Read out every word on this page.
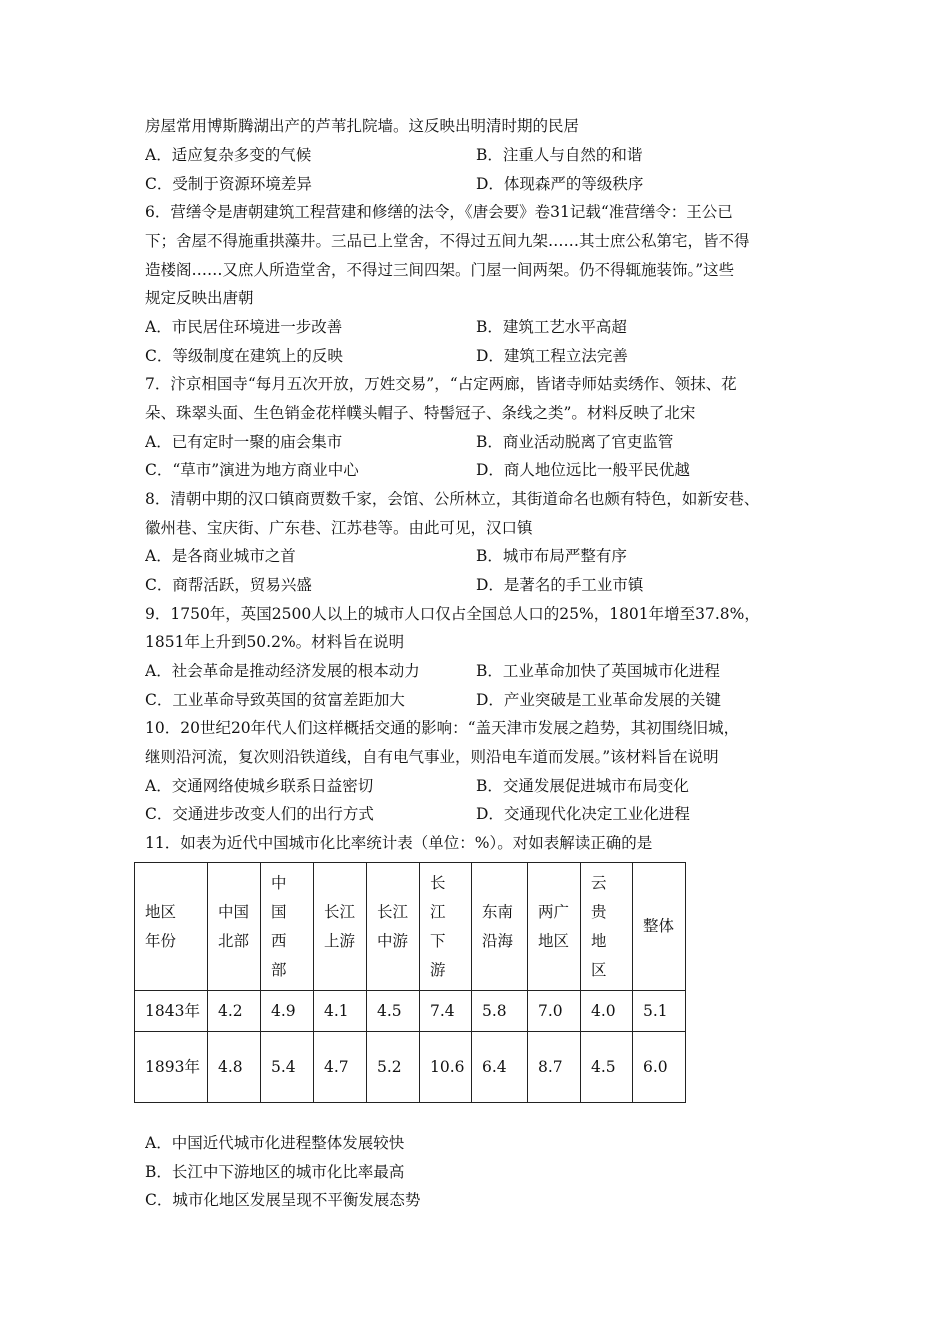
房屋常用博斯腾湖出产的芦苇扎院墙。这反映出明清时期的民居
A．适应复杂多变的气候	B．注重人与自然的和谐
C．受制于资源环境差异	D．体现森严的等级秩序
6．营缮令是唐朝建筑工程营建和修缮的法令，《唐会要》卷31记载“准营缮令：王公已
下；舍屋不得施重拱藻井。三品已上堂舍，不得过五间九架……其士庶公私第宅，皆不得
造楼阁……又庶人所造堂舍，不得过三间四架。门屋一间两架。仍不得辄施装饰。”这些
规定反映出唐朝
A．市民居住环境进一步改善	B．建筑工艺水平高超
C．等级制度在建筑上的反映	D．建筑工程立法完善
7．汴京相国寺“每月五次开放，万姓交易”，“占定两廊，皆诸寺师姑卖绣作、领抹、花
朵、珠翠头面、生色销金花样幞头帽子、特髻冠子、条线之类”。材料反映了北宋
A．已有定时一聚的庙会集市	B．商业活动脱离了官吏监管
C．“草市”演进为地方商业中心	D．商人地位远比一般平民优越
8．清朝中期的汉口镇商贾数千家，会馆、公所林立，其街道命名也颇有特色，如新安巷、
徽州巷、宝庆街、广东巷、江苏巷等。由此可见，汉口镇
A．是各商业城市之首	B．城市布局严整有序
C．商帮活跃，贸易兴盛	D．是著名的手工业市镇
9．1750年，英国2500人以上的城市人口仅占全国总人口的25%，1801年增至37.8%，
1851年上升到50.2%。材料旨在说明
A．社会革命是推动经济发展的根本动力	B．工业革命加快了英国城市化进程
C．工业革命导致英国的贫富差距加大	D．产业突破是工业革命发展的关键
10．20世纪20年代人们这样概括交通的影响：“盖天津市发展之趋势，其初围绕旧城，
继则沿河流，复次则沿铁道线，自有电气事业，则沿电车道而发展。”该材料旨在说明
A．交通网络使城乡联系日益密切	B．交通发展促进城市布局变化
C．交通进步改变人们的出行方式	D．交通现代化决定工业化进程
11．如表为近代中国城市化比率统计表（单位：%）。对如表解读正确的是
地区
年份	中国北部	中国西部	长江上游	长江中游	长江下游	东南沿海	两广地区	云贵地区	整体

1843年	4.2	4.9	4.1	4.5	7.4	5.8	7.0	4.0	5.1
1893年	4.8	5.4	4.7	5.2	10.6	6.4	8.7	4.5	6.0
A．中国近代城市化进程整体发展较快
B．长江中下游地区的城市化比率最高
C．城市化地区发展呈现不平衡发展态势
